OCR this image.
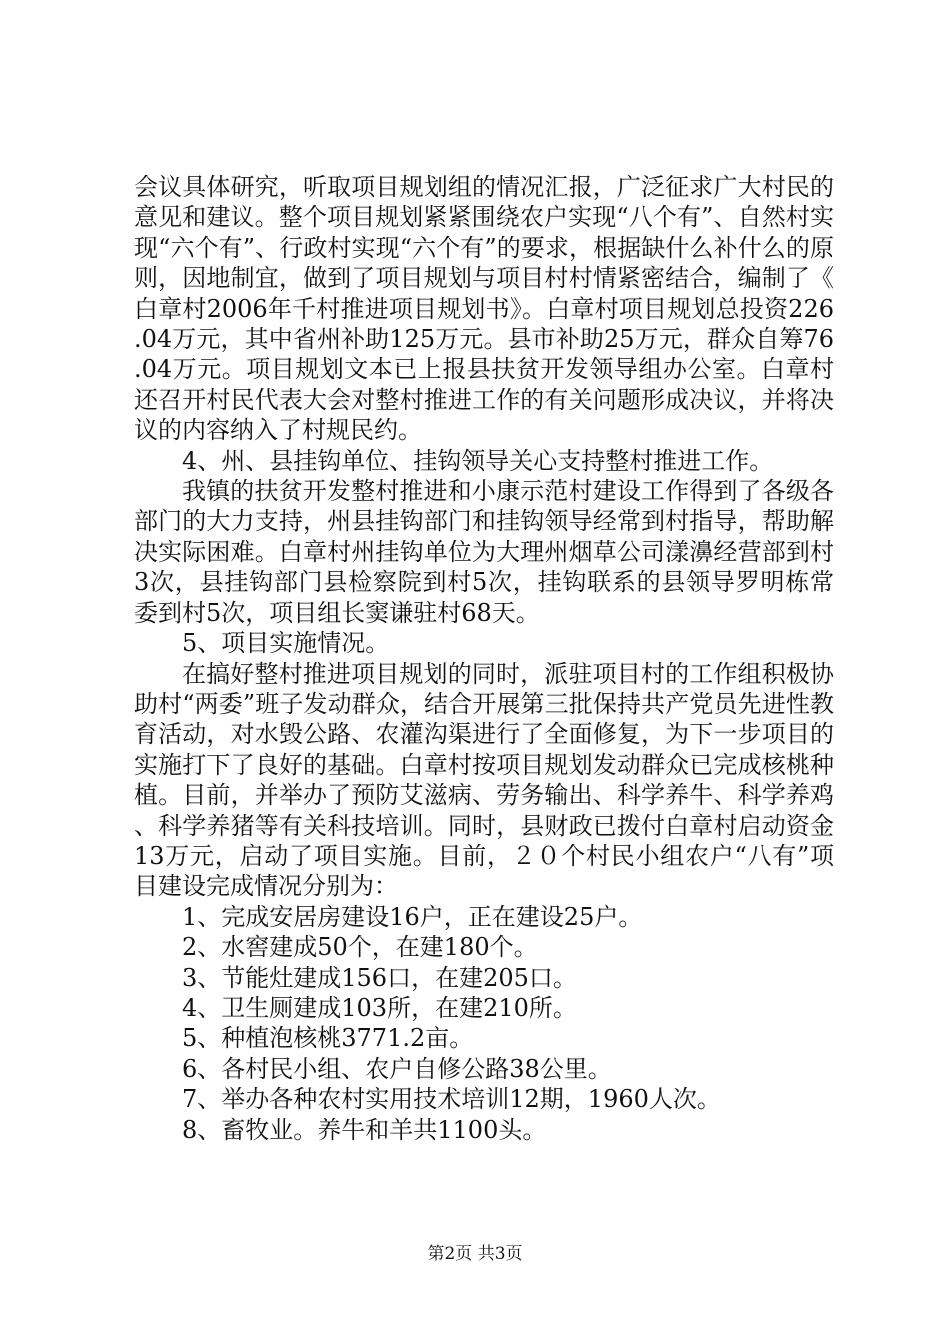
会议具体研究，听取项目规划组的情况汇报，广泛征求广大村民的意见和建议。整个项目规划紧紧围绕农户实现“八个有”、自然村实现“六个有”、行政村实现“六个有”的要求，根据缺什么补什么的原则，因地制宜，做到了项目规划与项目村村情紧密结合，编制了《白章村2006年千村推进项目规划书》。白章村项目规划总投资226.04万元，其中省州补助125万元。县市补助25万元，群众自筹76.04万元。项目规划文本已上报县扶贫开发领导组办公室。白章村还召开村民代表大会对整村推进工作的有关问题形成决议，并将决议的内容纳入了村规民约。

4、州、县挂钩单位、挂钩领导关心支持整村推进工作。

我镇的扶贫开发整村推进和小康示范村建设工作得到了各级各部门的大力支持，州县挂钩部门和挂钩领导经常到村指导，帮助解决实际困难。白章村州挂钩单位为大理州烟草公司漾濞经营部到村3次，县挂钩部门县检察院到村5次，挂钩联系的县领导罗明栋常委到村5次，项目组长窦谦驻村68天。

5、项目实施情况。

在搞好整村推进项目规划的同时，派驻项目村的工作组积极协助村“两委”班子发动群众，结合开展第三批保持共产党员先进性教育活动，对水毁公路、农灌沟渠进行了全面修复，为下一步项目的实施打下了良好的基础。白章村按项目规划发动群众已完成核桃种植。目前，并举办了预防艾滋病、劳务输出、科学养牛、科学养鸡、科学养猪等有关科技培训。同时，县财政已拨付白章村启动资金13万元，启动了项目实施。目前，２０个村民小组农户“八有”项目建设完成情况分别为：

1、完成安居房建设16户，正在建设25户。

2、水窖建成50个，在建180个。

3、节能灶建成156口，在建205口。

4、卫生厕建成103所，在建210所。

5、种植泡核桃3771.2亩。

6、各村民小组、农户自修公路38公里。

7、举办各种农村实用技术培训12期，1960人次。

8、畜牧业。养牛和羊共1100头。

第2页 共3页
